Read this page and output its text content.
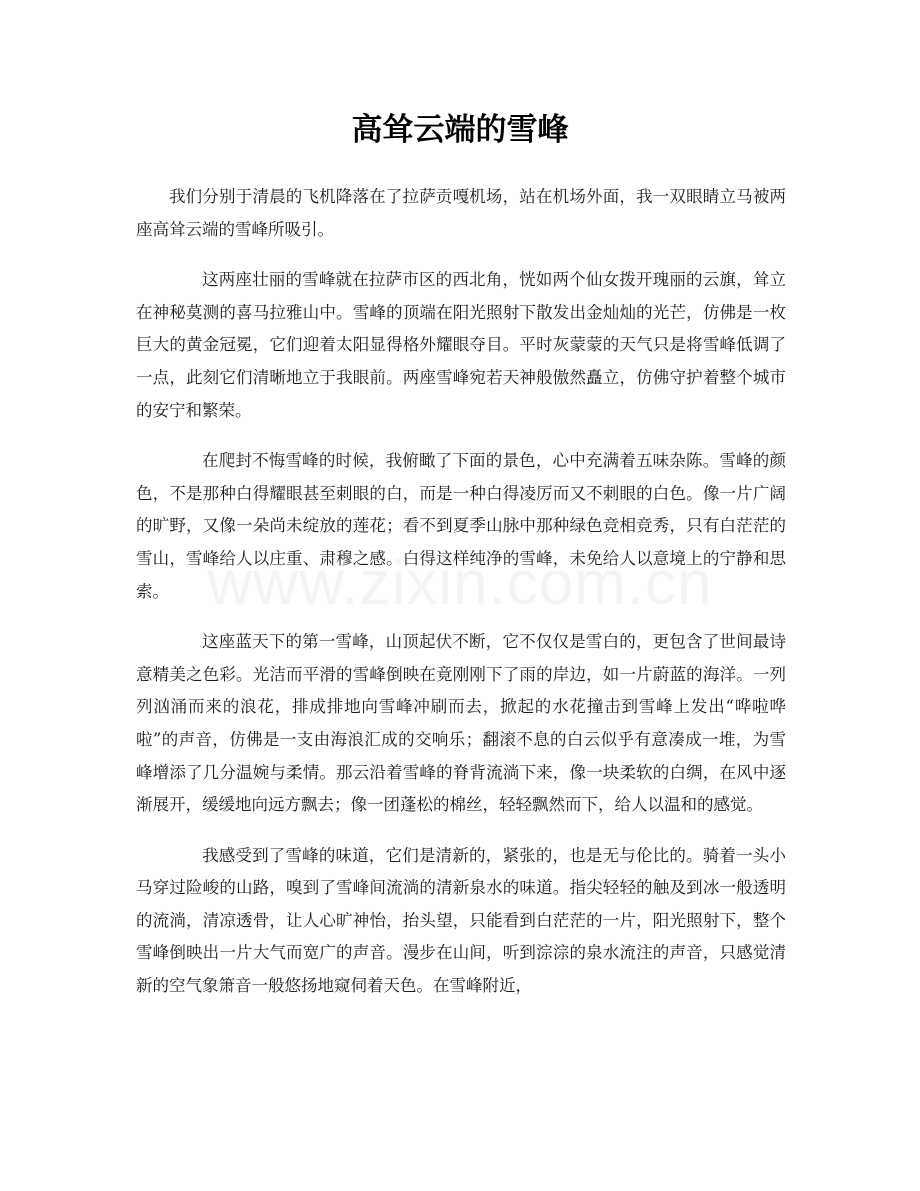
高耸云端的雪峰

我们分别于清晨的飞机降落在了拉萨贡嘎机场，站在机场外面，我一双眼睛立马被两座高耸云端的雪峰所吸引。

这两座壮丽的雪峰就在拉萨市区的西北角，恍如两个仙女拨开瑰丽的云旗，耸立在神秘莫测的喜马拉雅山中。雪峰的顶端在阳光照射下散发出金灿灿的光芒，仿佛是一枚巨大的黄金冠冕，它们迎着太阳显得格外耀眼夺目。平时灰蒙蒙的天气只是将雪峰低调了一点，此刻它们清晰地立于我眼前。两座雪峰宛若天神般傲然矗立，仿佛守护着整个城市的安宁和繁荣。

在爬封不悔雪峰的时候，我俯瞰了下面的景色，心中充满着五味杂陈。雪峰的颜色，不是那种白得耀眼甚至刺眼的白，而是一种白得凌厉而又不刺眼的白色。像一片广阔的旷野，又像一朵尚未绽放的莲花；看不到夏季山脉中那种绿色竞相竞秀，只有白茫茫的雪山，雪峰给人以庄重、肃穆之感。白得这样纯净的雪峰，未免给人以意境上的宁静和思索。

这座蓝天下的第一雪峰，山顶起伏不断，它不仅仅是雪白的，更包含了世间最诗意精美之色彩。光洁而平滑的雪峰倒映在竟刚刚下了雨的岸边，如一片蔚蓝的海洋。一列列汹涌而来的浪花，排成排地向雪峰冲刷而去，掀起的水花撞击到雪峰上发出“哗啦哗啦”的声音，仿佛是一支由海浪汇成的交响乐；翻滚不息的白云似乎有意凑成一堆，为雪峰增添了几分温婉与柔情。那云沿着雪峰的脊背流淌下来，像一块柔软的白绸，在风中逐渐展开，缓缓地向远方飘去；像一团蓬松的棉丝，轻轻飘然而下，给人以温和的感觉。

我感受到了雪峰的味道，它们是清新的，紧张的，也是无与伦比的。骑着一头小马穿过险峻的山路，嗅到了雪峰间流淌的清新泉水的味道。指尖轻轻的触及到冰一般透明的流淌，清凉透骨，让人心旷神怡，抬头望，只能看到白茫茫的一片，阳光照射下，整个雪峰倒映出一片大气而宽广的声音。漫步在山间，听到淙淙的泉水流注的声音，只感觉清新的空气象箫音一般悠扬地窥伺着天色。在雪峰附近，
